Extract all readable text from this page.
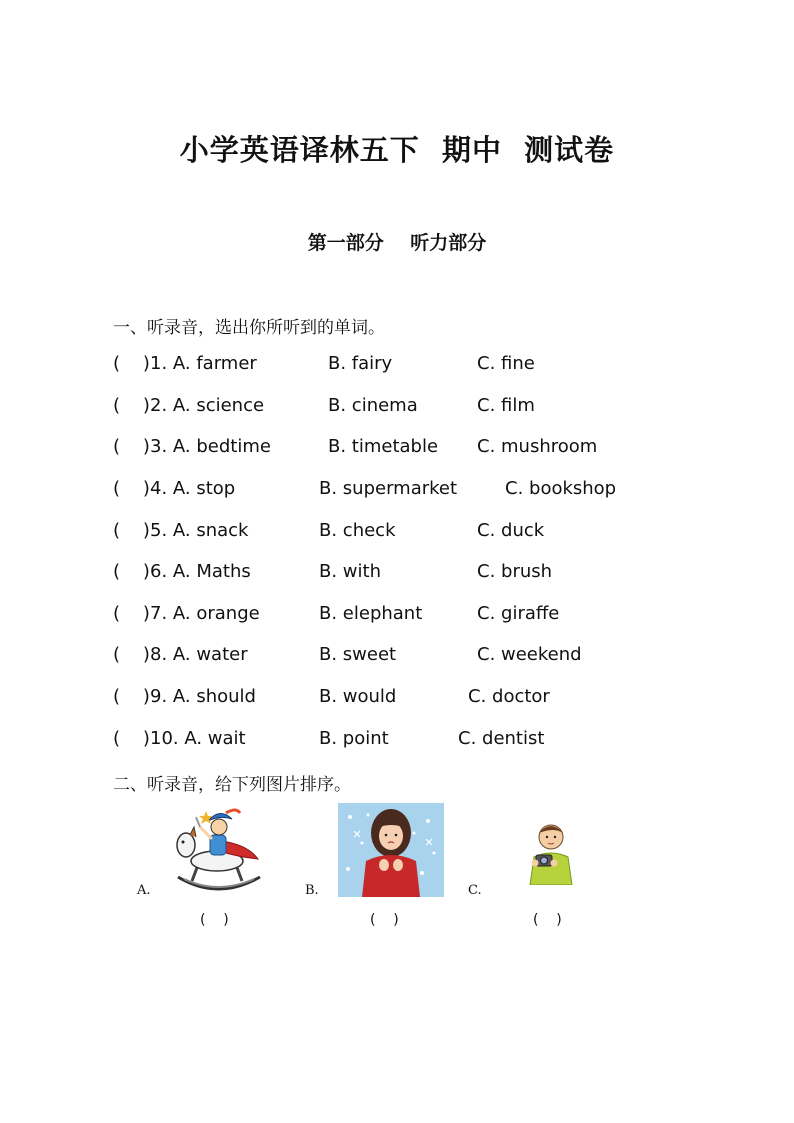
小学英语译林五下  期中  测试卷
第一部分    听力部分
一、听录音，选出你所听到的单词。
(    ) 1. A. farmer	B. fairy	C. fine
(    ) 2. A. science	B. cinema	C. film
(    ) 3. A. bedtime	B. timetable C. mushroom
(    ) 4. A. stop	B. supermarket	C. bookshop
(    ) 5. A. snack	B. check	C. duck
(    ) 6. A. Maths	B. with	C. brush
(    ) 7. A. orange	B. elephant	C. giraffe
(    ) 8. A. water	B. sweet	C. weekend
(    ) 9. A. should	B. would	C. doctor
(    ) 10. A. wait	B. point	C. dentist
二、听录音，给下列图片排序。
A.
(    )
B.
(    )
C.
(    )
